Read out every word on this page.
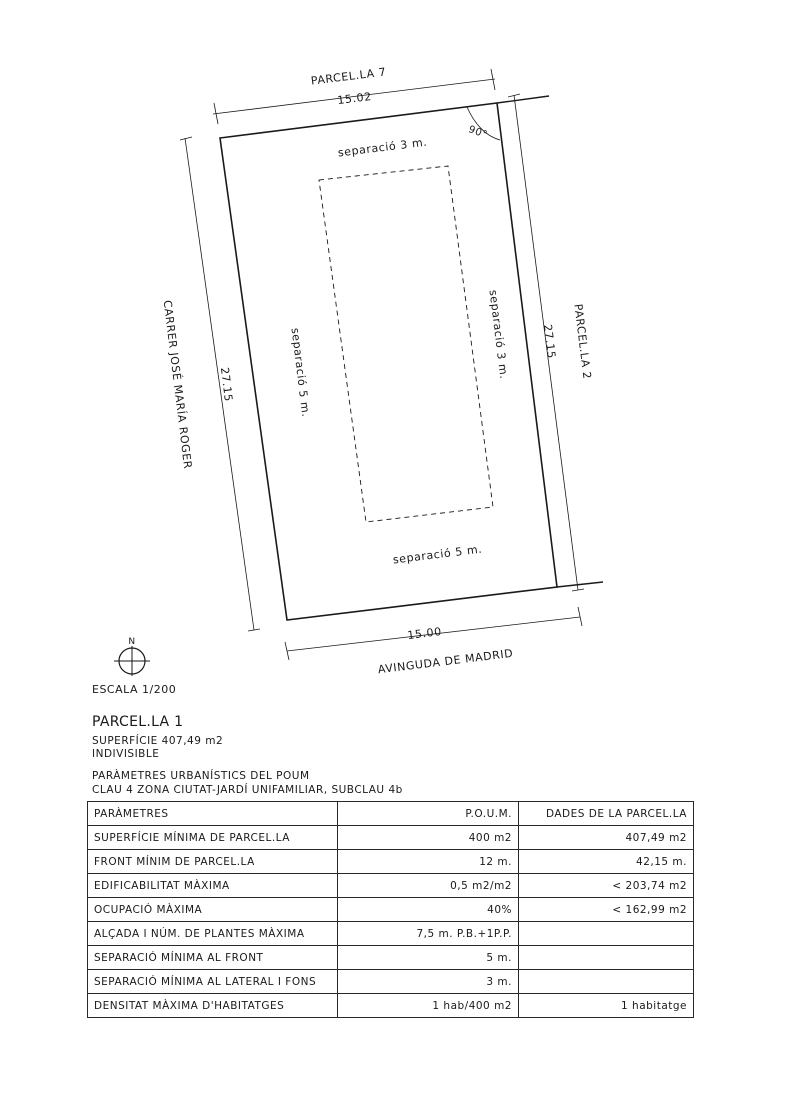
PARCEL.LA 7
PARCEL.LA 2
CARRER JOSÉ MARÍA ROGER
AVINGUDA DE MADRID
15.02
15.00
27.15
27.15
90°
separació 3 m.
separació 3 m.
separació 5 m.
separació 5 m.
N
ESCALA 1/200
PARCEL.LA 1
SUPERFÍCIE 407,49 m2
INDIVISIBLE
PARÀMETRES URBANÍSTICS DEL POUM
CLAU 4 ZONA CIUTAT-JARDÍ UNIFAMILIAR, SUBCLAU 4b
PARÀMETRES	P.O.U.M.	DADES DE LA PARCEL.LA
SUPERFÍCIE MÍNIMA DE PARCEL.LA	400 m2	407,49 m2
FRONT MÍNIM DE PARCEL.LA	12 m.	42,15 m.
EDIFICABILITAT MÀXIMA	0,5 m2/m2	< 203,74 m2
OCUPACIÓ MÀXIMA	40%	< 162,99 m2
ALÇADA I NÚM. DE PLANTES MÀXIMA	7,5 m. P.B.+1P.P.	
SEPARACIÓ MÍNIMA AL FRONT	5 m.	
SEPARACIÓ MÍNIMA AL LATERAL I FONS	3 m.	
DENSITAT MÀXIMA D'HABITATGES	1 hab/400 m2	1 habitatge
